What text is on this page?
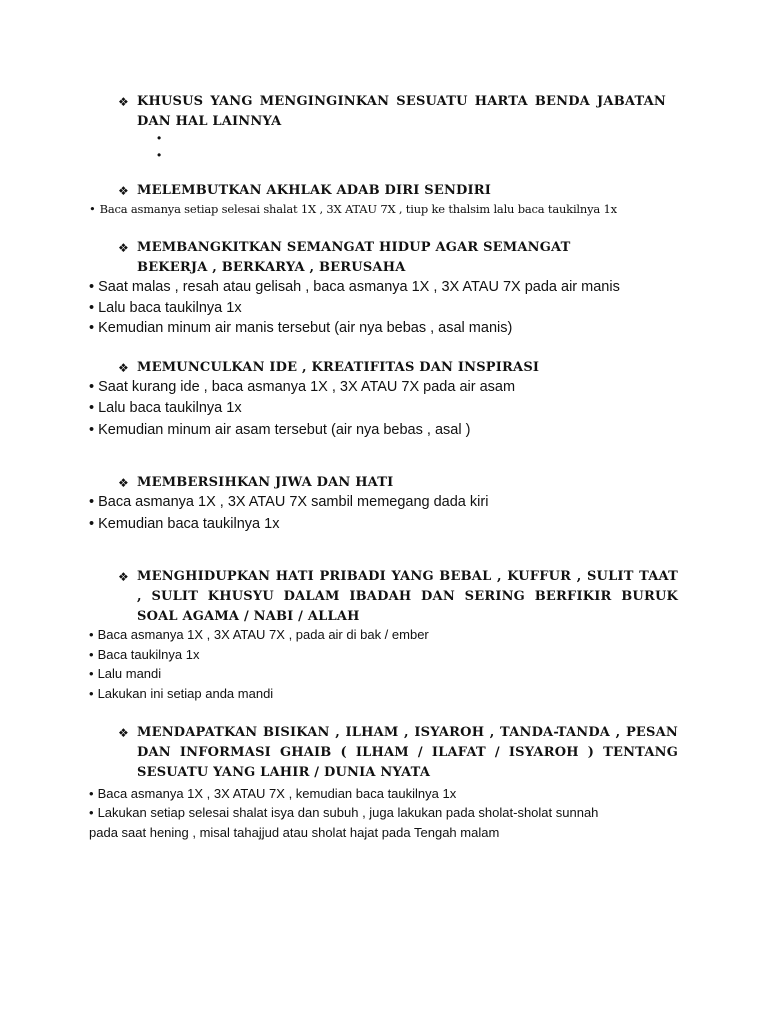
❖ KHUSUS YANG MENGINGINKAN SESUATU HARTA BENDA JABATAN DAN HAL LAINNYA
•
•
❖ MELEMBUTKAN AKHLAK ADAB DIRI SENDIRI
• Baca asmanya setiap selesai shalat 1X , 3X ATAU 7X , tiup ke thalsim lalu baca taukilnya 1x
❖ MEMBANGKITKAN SEMANGAT HIDUP AGAR SEMANGAT BEKERJA , BERKARYA , BERUSAHA
• Saat malas , resah atau gelisah , baca asmanya 1X , 3X ATAU 7X pada air manis
• Lalu baca taukilnya 1x
• Kemudian minum air manis tersebut (air nya bebas , asal manis)
❖ MEMUNCULKAN IDE , KREATIFITAS DAN INSPIRASI
• Saat kurang ide , baca asmanya 1X , 3X ATAU 7X pada air asam
• Lalu baca taukilnya 1x
• Kemudian minum air asam tersebut (air nya bebas , asal )
❖ MEMBERSIHKAN JIWA DAN HATI
• Baca asmanya 1X , 3X ATAU 7X sambil memegang dada kiri
• Kemudian baca taukilnya 1x
❖ MENGHIDUPKAN HATI PRIBADI YANG BEBAL , KUFFUR , SULIT TAAT , SULIT KHUSYU DALAM IBADAH DAN SERING BERFIKIR BURUK SOAL AGAMA / NABI / ALLAH
• Baca asmanya 1X , 3X ATAU 7X , pada air di bak / ember
• Baca taukilnya 1x
• Lalu mandi
• Lakukan ini setiap anda mandi
❖ MENDAPATKAN BISIKAN , ILHAM , ISYAROH , TANDA-TANDA , PESAN DAN INFORMASI GHAIB ( ILHAM / ILAFAT / ISYAROH ) TENTANG SESUATU YANG LAHIR / DUNIA NYATA
• Baca asmanya 1X , 3X ATAU 7X , kemudian baca taukilnya 1x
• Lakukan setiap selesai shalat isya dan subuh , juga lakukan pada sholat-sholat sunnah
pada saat hening , misal tahajjud atau sholat hajat pada Tengah malam
